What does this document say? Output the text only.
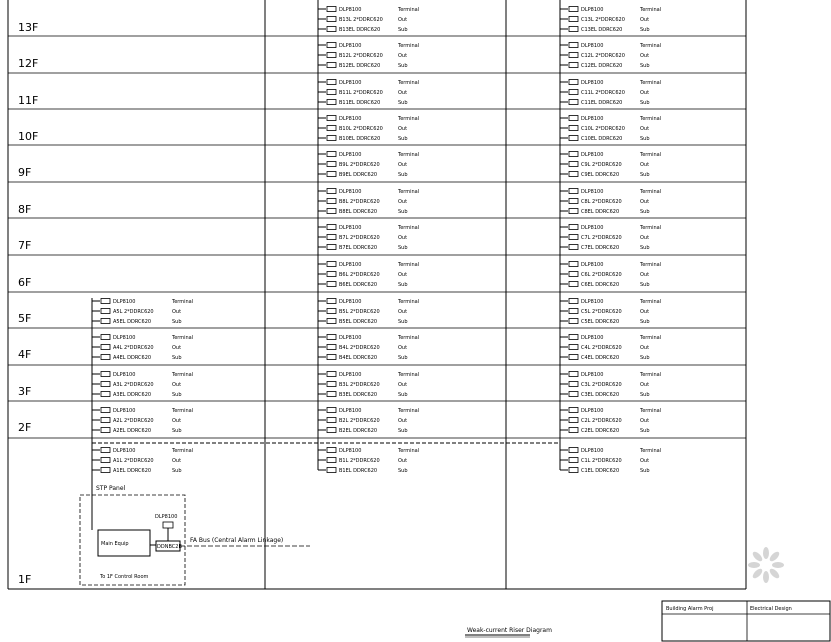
13F
12F
11F
10F
9F
8F
7F
6F
5F
4F
3F
2F
1F
DLP8100	Terminal
A5L 2*DDRC620	Out
A5EL DDRC620	Sub
DLP8100	Terminal
A4L 2*DDRC620	Out
A4EL DDRC620	Sub
DLP8100	Terminal
A3L 2*DDRC620	Out
A3EL DDRC620	Sub
DLP8100	Terminal
A2L 2*DDRC620	Out
A2EL DDRC620	Sub
DLP8100	Terminal
A1L 2*DDRC620	Out
A1EL DDRC620	Sub
DLP8100	Terminal
B13L 2*DDRC620	Out
B13EL DDRC620	Sub
DLP8100	Terminal
B12L 2*DDRC620	Out
B12EL DDRC620	Sub
DLP8100	Terminal
B11L 2*DDRC620	Out
B11EL DDRC620	Sub
DLP8100	Terminal
B10L 2*DDRC620	Out
B10EL DDRC620	Sub
DLP8100	Terminal
B9L 2*DDRC620	Out
B9EL DDRC620	Sub
DLP8100	Terminal
B8L 2*DDRC620	Out
B8EL DDRC620	Sub
DLP8100	Terminal
B7L 2*DDRC620	Out
B7EL DDRC620	Sub
DLP8100	Terminal
B6L 2*DDRC620	Out
B6EL DDRC620	Sub
DLP8100	Terminal
B5L 2*DDRC620	Out
B5EL DDRC620	Sub
DLP8100	Terminal
B4L 2*DDRC620	Out
B4EL DDRC620	Sub
DLP8100	Terminal
B3L 2*DDRC620	Out
B3EL DDRC620	Sub
DLP8100	Terminal
B2L 2*DDRC620	Out
B2EL DDRC620	Sub
DLP8100	Terminal
B1L 2*DDRC620	Out
B1EL DDRC620	Sub
DLP8100	Terminal
C13L 2*DDRC620	Out
C13EL DDRC620	Sub
DLP8100	Terminal
C12L 2*DDRC620	Out
C12EL DDRC620	Sub
DLP8100	Terminal
C11L 2*DDRC620	Out
C11EL DDRC620	Sub
DLP8100	Terminal
C10L 2*DDRC620	Out
C10EL DDRC620	Sub
DLP8100	Terminal
C9L 2*DDRC620	Out
C9EL DDRC620	Sub
DLP8100	Terminal
C8L 2*DDRC620	Out
C8EL DDRC620	Sub
DLP8100	Terminal
C7L 2*DDRC620	Out
C7EL DDRC620	Sub
DLP8100	Terminal
C6L 2*DDRC620	Out
C6EL DDRC620	Sub
DLP8100	Terminal
C5L 2*DDRC620	Out
C5EL DDRC620	Sub
DLP8100	Terminal
C4L 2*DDRC620	Out
C4EL DDRC620	Sub
DLP8100	Terminal
C3L 2*DDRC620	Out
C3EL DDRC620	Sub
DLP8100	Terminal
C2L 2*DDRC620	Out
C2EL DDRC620	Sub
DLP8100	Terminal
C1L 2*DDRC620	Out
C1EL DDRC620	Sub
STP Panel
Main Equip	DDNBC2B
DLP8100
FA Bus (Central Alarm Linkage)
To 1F Control Room
Weak-current Riser Diagram
Building Alarm Proj	Electrical Design
